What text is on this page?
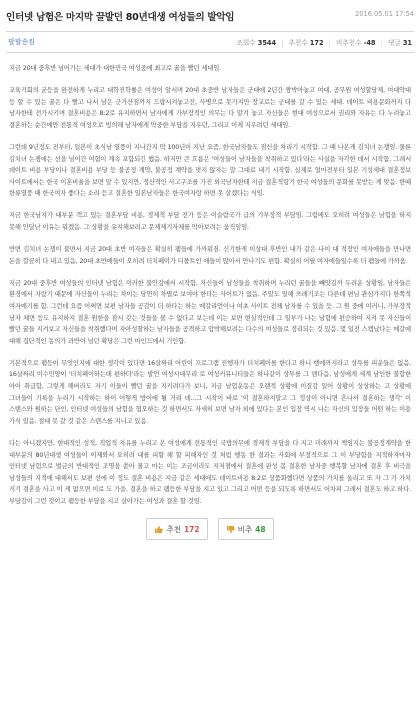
인터넷 남험은 마지막 끌발던 80년대생 여성들의 발악임	2016.05.01 17:54
팔팔숑킴	조회수 3544 | 추천수 172 | 비추천수 -48 | 댓글 31

지금 20대 중후반 넘어가는 세대가 대한민국 여성중에 최고로 꿀을 빨던 세대임.

교육기회의 균등을 완전하게 누리고 대학진학률은 여성이 앞서며 20대 초중반 남자들은 군대에 2년간 짱박아놓고 여대, 공무원 여성할당제, 여대약대 등 할 수 있는 꿀은 다 빨고 나서 남은 군가산점까지 드랍시켜놓고선, 사병으로 못가지만 장교로는 군대를 갈 수 있는 세대. 데이트 비용문화까지 다 남자한테 전가시키며 결혼비용은 8:2로 유지하면서 남자에게 가부장적인 의무는 다 맡겨 놓고 자신들은 현대 여성으로서 권리와 자유는 다 누려놓고 결혼하는 순간에만 전통적 여성으로 빙의해 남자에게 막중한 부담을 지우던, 그리고 이제 지우려던 세대임.

그런데 9년정도 전부터, 일본이 초식남 열풍이 지나간지 딱 100년이 지난 요즘, 한국남자들도 점신을 차리기 시작함. 그 때 나온게 김치녀 논쟁임. 물론 김치녀 논쟁에는 선을 넘어간 여혐이 계속 포함되긴 했음. 하지만 큰 흐름은 '여성들이 남자들을 착취하고 있다'라는 사실을 자각한 데서 시작함. 그래서 데이트 비용 부당이나 결혼비용 부당 등 불공정 계약, 불공정 계약을 멎지 않자는 말 그대로 내기 시작함. 실제로 얼마전부터 일본 기성세대 결혼정보 사이트에서는 한국 이혼비율을 보면 알 수 있지만, 정산적인 사고구조를 가진 외국남자한테 지금 결혼적령기 한국 여성들의 문화를 못받는 게 맞음. 한때 한류열풍 때 한국여자 좋다는 소리 듣고 결혼한 일본남자들은 한국여자랑 하면 못 살겠다는 식임.

지금 한국남자가 대부분 객고 있는 결혼부담 비용, 경제적 부담 전가 등은 이슬람국가 급의 가부장적 부담임. 그럼에도 오히려 여성들은 남험을 하지 못해 안달난 이유는 뭐겠음. 그 상황을 유지해보려고 문제제기자체를 막아보려는 움직임임.

반면 김치녀 논쟁이 불면서 지금 20대 초반 여자들은 확실히 팸들에 가까워짐. 신기한게 이상대 후반인 내가 같은 나이 대 적장인 여자애들을 만나면 돈을 깔끔히 다 내고 있음, 20대 초반애들이 오히려 더치페이가 디폴트인 애들이 많아서 만나기도 편함. 확실히 어릴 여자애들일수록 더 팸들에 가까움.

지금 20대 중후반 여성들의 인터넷 남험은 이러한 불안감에서 시작함, 자신들이 남성들을 착취하며 누리던 꿀들을 빼앗길까 두려운 상황임, 남자들은 환경에서 자랐기 때문에 자신들이 누리는 차이는 당연히 차별로 보여야 한다는 사이트가 없음. 주말도 일해 쓰레기조는 다른데 편님 관심가지다 한쪽적 여자애기를 함. 그런데 요즘 어쩌면 보편 남자들 공감이 더 하다는 하는 메갈리언이나 여초 사이트 전체 남자를 수 있을 듯. 그 원 중에 이러니, 가부장적 남자 체면 등도 유지하지 결혼 원한을 잠시 갖는 것들을 볼 수 없다고 보는데 이는 보면 현실적인데 그 일부가 나는 남험에 편승하여 지켜 못 자신들이 빨던 꿀들 지켜보고 자신들을 착취했다며 자아성찰하는 남자들을 공격하고 압박해보려는 다수의 여성들로 정리되는 것 있음. 몇 일전 스캡났다는 메갈에 대해 집단적인 동의가 과반이 넘던 확당은 그런 마인드에서 기인함.

기본적으로 팸등이 무엇인지에 대한 생각이 있다면 16살짜리 어린이 프로그램 진행자가 더치페이를 한다고 하니 행에까지라고 상투를 피운들은 없음, 16살짜리 이수민양이 '더치페이하는데 편하다'라는 발언 여성시대무리 로 여성커뮤니티들은 하나같이 상투를 그 맨다음, 남성에게 세계 남인한 불합한 아이 취급함, 그렇게 해버라도 자기 이들이 빨던 꿀을 지키려다가 보니, 지금 남험운동은 오랜적 상황에 이질감 일어 상황이 상상하는 고 상황에 그녀들이 기록을 누리기 시작하는 하이 어떻게 방어에 될 거리 데...그 시작이 바로 '이 결혼하지말고 그 정상이 아니면 흔나서 결혼하는 생각' 이 스탠스와 원하는 단인, 인터넷 여성들의 남험을 협오하는 것 하면서도 자세히 보면 남자 외에 있다는 본인 입장 역시 나는 자신의 입장들 어떤 하는 이용 가식 있음. 절대 못 갈 것 같은 스텐스를 지니고 있음.

다는 아니겠지만, 현대적인 성적, 직업적 자유를 누리고 온 여성에게 전통적인 국방의무에 경제적 부담을 다 지고 미래까지 책임지는 불공정계약을 한 대부분의 80년대생 여성들이 이제와서 오히려 대를 피할 해 할 피해자인 것 처럼 행동 한 결과는 사회에 부정적으로 그 이 부당함을 지적하자마자 인터넷 남험으로 벌금의 반대적인 조명을 쏟아 물고 마는 이는 조금이라도 지저점에서 결혼에 판성 몸 결혼한 남자중 행복할 남자에 결혼 후 비극을 남성들의 지적에 대해서도 보편 선에 이 정도 결혼 비용은 지금 같은 세대에도 데이트비용 8:2로 상품화했다면 상품의 가치를 올리고 또 자 그 가 가치 거기 결혼을 사고 이 게 없으면 이로 도 가을. 결혼을 하고 팸등한 부담을 지고 있고 그리고 어떤 등을 되도록 하면서도 어차피 그래서 결혼도 하고 하다. 부담감이 그런 것이고 팸등한 부담을 지고 살아가는 여성과 결혼 할 것임.

추천 172	비추 48
